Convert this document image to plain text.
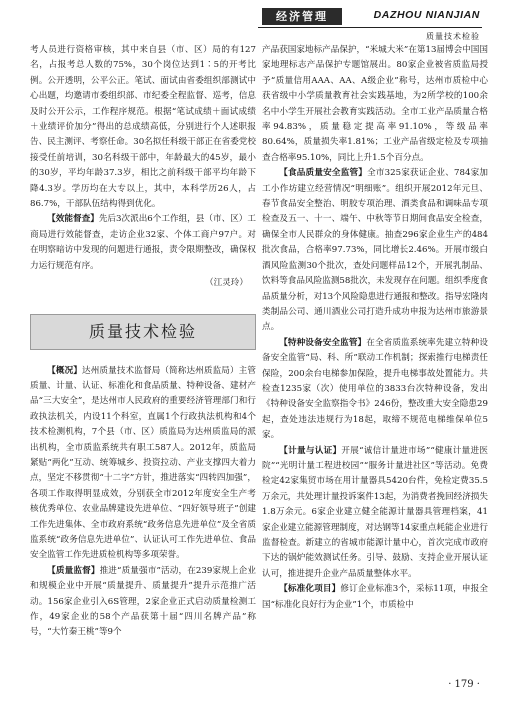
经济管理	DAZHOU NIANJIAN
质量技术检验

考人员进行资格审核，其中来自县（市、区）局的有127名，占报考总人数的75%，30个岗位达到1∶5的开考比例。公开透明，公平公正。笔试、面试由省委组织部测试中心出题，均邀请市委组织部、市纪委全程监督、巡考，信息及时公开公示，工作程序规范。根据“笔试成绩＋面试成绩＋业绩评价加分”得出的总成绩高低，分别进行个人述职报告、民主测评、考察任命。30名拟任科级干部正在省委党校接受任前培训，30名科级干部中，年龄最大的45岁，最小的30岁，平均年龄37.3岁，相比之前科级干部平均年龄下降4.3岁。学历均在大专以上，其中，本科学历26人，占86.7%，干部队伍结构得到优化。

【效能督查】先后3次派出6个工作组，县（市、区）工商局进行效能督查，走访企业32家、个体工商户97户。对在明察暗访中发现的问题进行通报，责令限期整改，确保权力运行规范有序。

（江灵玲）
质量技术检验

【概况】达州质量技术监督局（简称达州质监局）主管质量、计量、认证、标准化和食品质量、特种设备、建材产品“三大安全”，是达州市人民政府的重要经济管理部门和行政执法机关，内设11个科室，直属1个行政执法机构和4个技术检测机构，7个县（市、区）质监局为达州质监局的派出机构，全市质监系统共有职工587人。2012年，质监局紧贴“两化”互动、统筹城乡、投资拉动、产业支撑四大着力点，坚定不移贯彻“十二字”方针，推进落实“四转四加强”，各项工作取得明显成效，分别获全市2012年度安全生产考核优秀单位、农业品牌建设先进单位、“四好领导班子”创建工作先进集体、全市政府系统“政务信息先进单位”及全省质监系统“政务信息先进单位”、认证认可工作先进单位、食品安全监管工作先进质检机构等多项荣誉。

【质量监督】推进“质量强市”活动，在239家规上企业和规模企业中开展“质量提升、质量提升”提升示范推广活动。156家企业引入6S管理，2家企业正式启动质量检测工作，49家企业的58个产品获第十届“四川名牌产品”称号，“大竹秦王桃”等9个

产品获国家地标产品保护，“米城大米”在第13届博会中国国家地理标志产品保护专题馆展出。80家企业被省质监局授予“质量信用AAA、AA、A级企业”称号，达州市质检中心获省级中小学质量教育社会实践基地，为2所学校的100余名中小学生开展社会教育实践活动。全市工业产品质量合格率94.83%，质量稳定提高率91.10%，等级品率80.64%，质量损失率1.81%；工业产品省级定检及专项抽查合格率95.10%，同比上升1.5个百分点。

【食品质量安全监管】全市325家获证企业、784家加工小作坊建立经营情况“明细账”。组织开展2012年元旦、春节食品安全整治、明胶专项治理、酒类食品和调味品专项检查及五一、十一、端午、中秋等节日期间食品安全检查，确保全市人民群众的身体健康。抽查296家企业生产的484批次食品，合格率97.73%，同比增长2.46%。开展市级白酒风险监测30个批次，查处问题样品12个，开展乳制品、饮料等食品风险监测58批次，未发现存在问题。组织季度食品质量分析，对13个风险隐患进行通报和整改。指导宏隆肉类制品公司、通川酒业公司打造升成功申报为达州市旅游景点。

【特种设备安全监管】在全省质监系统率先建立特种设备安全监管“局、科、所”联动工作机制；探索推行电梯责任保险，200余台电梯参加保险，提升电梯事故处置能力。共检查1235家（次）使用单位的3833台次特种设备，发出《特种设备安全监察指令书》246份，整改重大安全隐患29起，查处违法违规行为18起，取缔不规范电梯维保单位5家。

【计量与认证】开展“诚信计量进市场”“健康计量进医院”“光明计量工程进校园”“服务计量进社区”等活动。免费检定42家集贸市场在用计量器具5420台件，免检定费35.5万余元，共处理计量投诉案件13起，为消费者挽回经济损失1.8万余元。6家企业建立健全能源计量器具管理档案，41家企业建立能源管理制度，对达钢等14家重点耗能企业进行监督检查。新建立的省城市能源计量中心，首次完成市政府下达的锅炉能效测试任务。引导、鼓励、支持企业开展认证认可，推进提升企业产品质量整体水平。

【标准化项目】修订企业标准3个，采标11项，申报全国“标准化良好行为企业”1个，市质检中

· 179 ·
